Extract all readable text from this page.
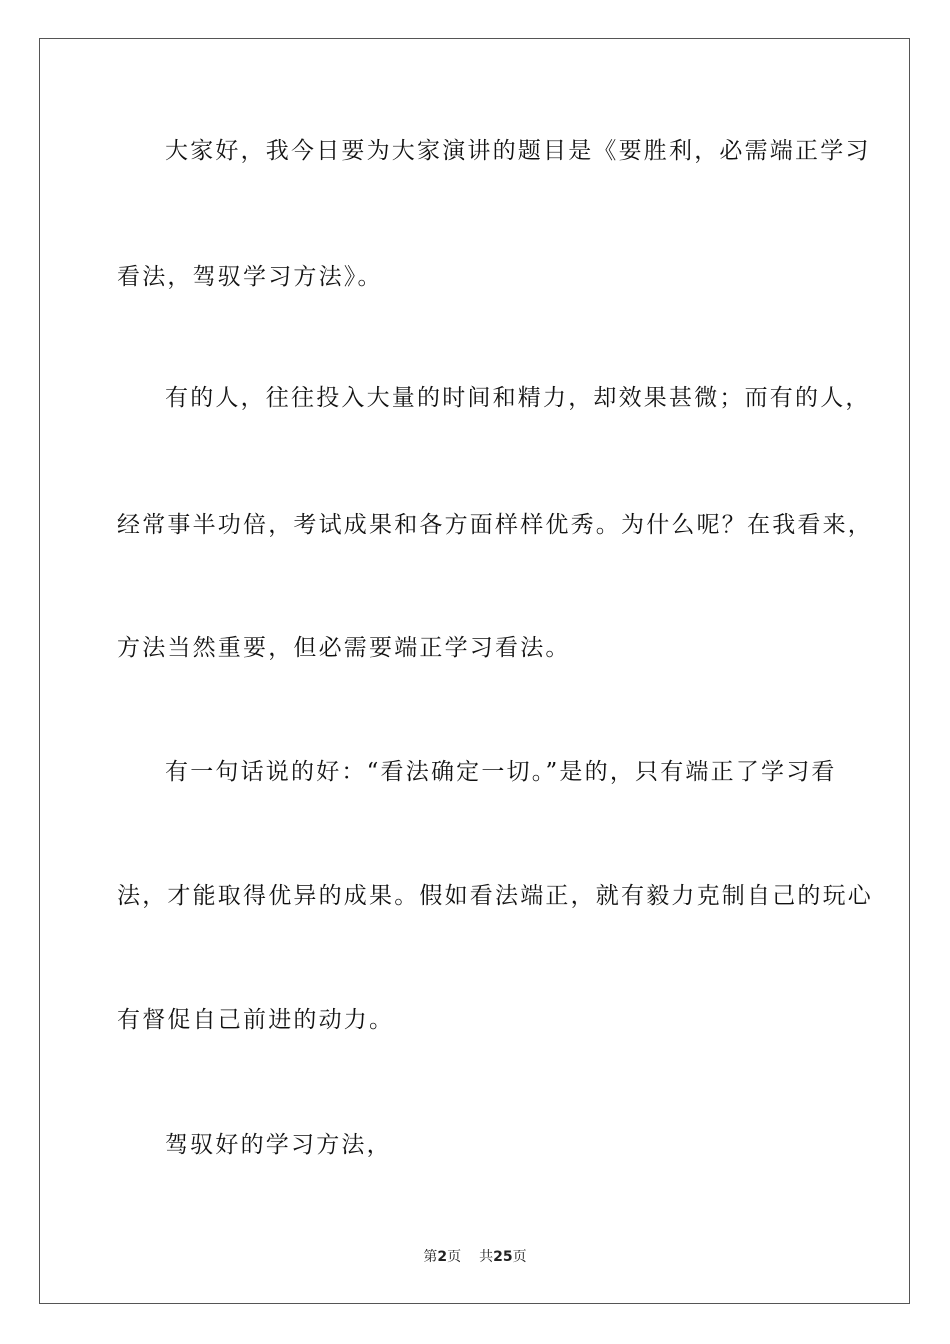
大家好，我今日要为大家演讲的题目是《要胜利，必需端正学习
看法，驾驭学习方法》。
有的人，往往投入大量的时间和精力，却效果甚微；而有的人，
经常事半功倍，考试成果和各方面样样优秀。为什么呢？在我看来，
方法当然重要，但必需要端正学习看法。
有一句话说的好：“看法确定一切。”是的，只有端正了学习看
法，才能取得优异的成果。假如看法端正，就有毅力克制自己的玩心
有督促自己前进的动力。
驾驭好的学习方法，
第2页 共25页
